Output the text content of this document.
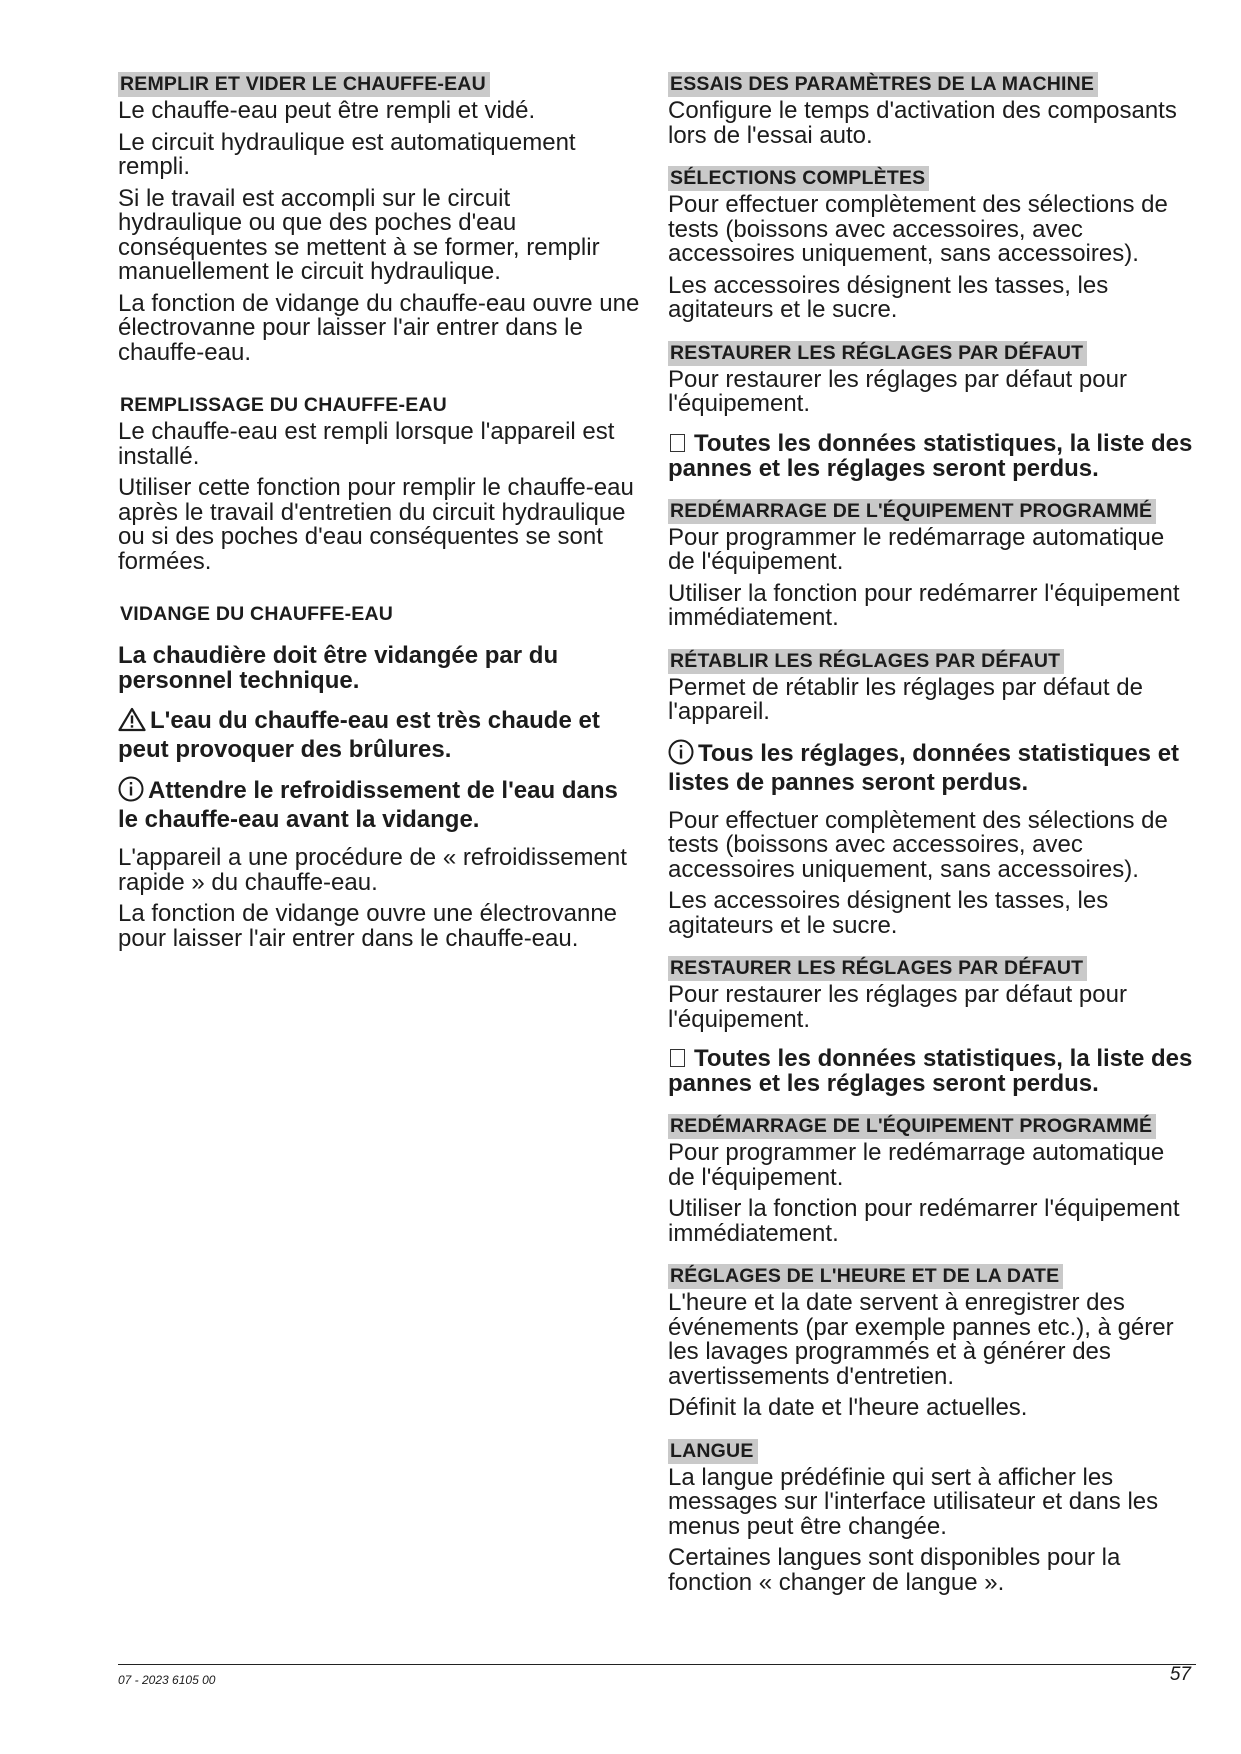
REMPLIR ET VIDER LE CHAUFFE-EAU

Le chauffe-eau peut être rempli et vidé.

Le circuit hydraulique est automatiquement rempli.

Si le travail est accompli sur le circuit hydraulique ou que des poches d'eau conséquentes se mettent à se former, remplir manuellement le circuit hydraulique.

La fonction de vidange du chauffe-eau ouvre une électrovanne pour laisser l'air entrer dans le chauffe-eau.

REMPLISSAGE DU CHAUFFE-EAU

Le chauffe-eau est rempli lorsque l'appareil est installé.

Utiliser cette fonction pour remplir le chauffe-eau après le travail d'entretien du circuit hydraulique ou si des poches d'eau conséquentes se sont formées.

VIDANGE DU CHAUFFE-EAU

La chaudière doit être vidangée par du personnel technique.

L'eau du chauffe-eau est très chaude et peut provoquer des brûlures.

Attendre le refroidissement de l'eau dans le chauffe-eau avant la vidange.

L'appareil a une procédure de « refroidissement rapide » du chauffe-eau.

La fonction de vidange ouvre une électrovanne pour laisser l'air entrer dans le chauffe-eau.

ESSAIS DES PARAMÈTRES DE LA MACHINE

Configure le temps d'activation des composants lors de l'essai auto.

SÉLECTIONS COMPLÈTES

Pour effectuer complètement des sélections de tests (boissons avec accessoires, avec accessoires uniquement, sans accessoires).

Les accessoires désignent les tasses, les agitateurs et le sucre.

RESTAURER LES RÉGLAGES PAR DÉFAUT

Pour restaurer les réglages par défaut pour l'équipement.

Toutes les données statistiques, la liste des pannes et les réglages seront perdus.

REDÉMARRAGE DE L'ÉQUIPEMENT PROGRAMMÉ

Pour programmer le redémarrage automatique de l'équipement.

Utiliser la fonction pour redémarrer l'équipement immédiatement.

RÉTABLIR LES RÉGLAGES PAR DÉFAUT

Permet de rétablir les réglages par défaut de l'appareil.

Tous les réglages, données statistiques et listes de pannes seront perdus.

Pour effectuer complètement des sélections de tests (boissons avec accessoires, avec accessoires uniquement, sans accessoires).

Les accessoires désignent les tasses, les agitateurs et le sucre.

RESTAURER LES RÉGLAGES PAR DÉFAUT

Pour restaurer les réglages par défaut pour l'équipement.

Toutes les données statistiques, la liste des pannes et les réglages seront perdus.

REDÉMARRAGE DE L'ÉQUIPEMENT PROGRAMMÉ

Pour programmer le redémarrage automatique de l'équipement.

Utiliser la fonction pour redémarrer l'équipement immédiatement.

RÉGLAGES DE L'HEURE ET DE LA DATE

L'heure et la date servent à enregistrer des événements (par exemple pannes etc.), à gérer les lavages programmés et à générer des avertissements d'entretien.

Définit la date et l'heure actuelles.

LANGUE

La langue prédéfinie qui sert à afficher les messages sur l'interface utilisateur et dans les menus peut être changée.

Certaines langues sont disponibles pour la fonction « changer de langue ».

07 - 2023 6105 00	57
